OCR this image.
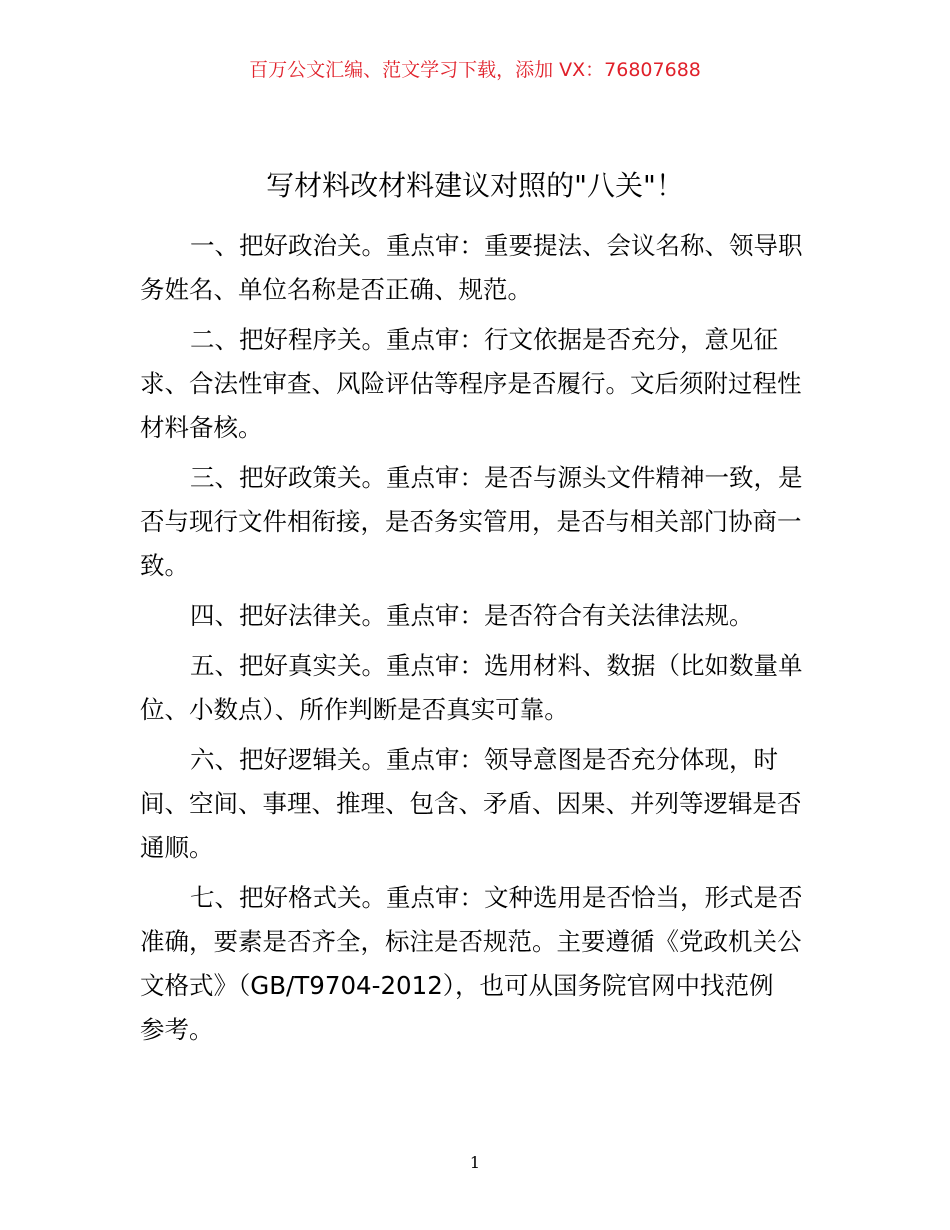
百万公文汇编、范文学习下载，添加 VX：76807688
写材料改材料建议对照的"八关"！
一、把好政治关。重点审：重要提法、会议名称、领导职
务姓名、单位名称是否正确、规范。
二、把好程序关。重点审：行文依据是否充分，意见征
求、合法性审查、风险评估等程序是否履行。文后须附过程性
材料备核。
三、把好政策关。重点审：是否与源头文件精神一致，是
否与现行文件相衔接，是否务实管用，是否与相关部门协商一
致。
四、把好法律关。重点审：是否符合有关法律法规。
五、把好真实关。重点审：选用材料、数据（比如数量单
位、小数点）、所作判断是否真实可靠。
六、把好逻辑关。重点审：领导意图是否充分体现，时
间、空间、事理、推理、包含、矛盾、因果、并列等逻辑是否
通顺。
七、把好格式关。重点审：文种选用是否恰当，形式是否
准确，要素是否齐全，标注是否规范。主要遵循《党政机关公
文格式》（GB/T9704-2012），也可从国务院官网中找范例
参考。
1
